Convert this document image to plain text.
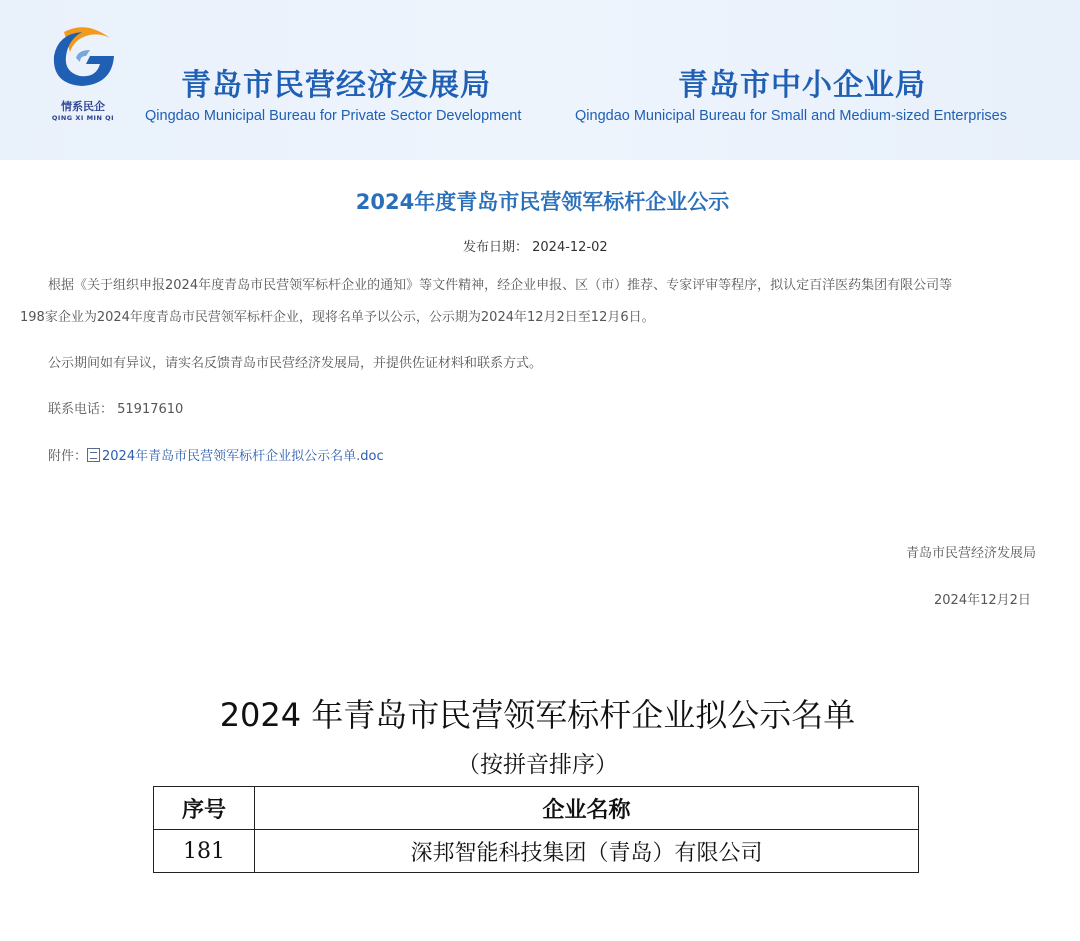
情系民企
QING XI MIN QI
青岛市民营经济发展局
Qingdao Municipal Bureau for Private Sector Development
青岛市中小企业局
Qingdao Municipal Bureau for Small and Medium-sized Enterprises
2024年度青岛市民营领军标杆企业公示
发布日期： 2024-12-02
根据《关于组织申报2024年度青岛市民营领军标杆企业的通知》等文件精神，经企业申报、区（市）推荐、专家评审等程序，拟认定百洋医药集团有限公司等
198家企业为2024年度青岛市民营领军标杆企业，现将名单予以公示，公示期为2024年12月2日至12月6日。
公示期间如有异议，请实名反馈青岛市民营经济发展局，并提供佐证材料和联系方式。
联系电话： 51917610
附件： 2024年青岛市民营领军标杆企业拟公示名单.doc
青岛市民营经济发展局
2024年12月2日
2024 年青岛市民营领军标杆企业拟公示名单
（按拼音排序）
序号	企业名称
181	深邦智能科技集团（青岛）有限公司
